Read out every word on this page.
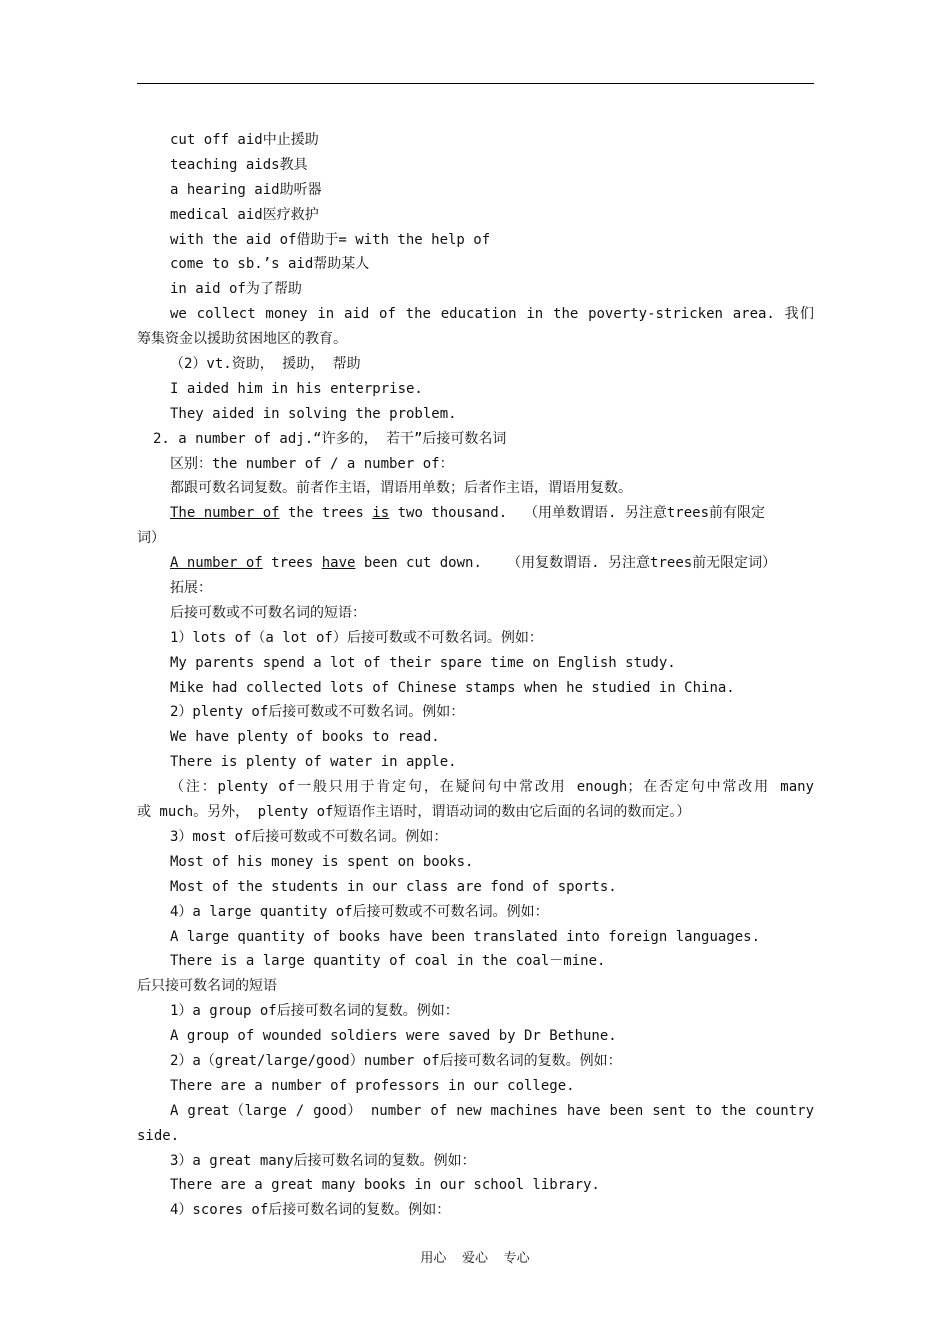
cut off aid中止援助
teaching aids教具
a hearing aid助听器
medical aid医疗救护
with the aid of借助于= with the help of
come to sb.’s aid帮助某人
in aid of为了帮助
we collect money in aid of the education in the poverty-stricken area. 我们
筹集资金以援助贫困地区的教育。
（2）vt.资助， 援助， 帮助
I aided him in his enterprise.
They aided in solving the problem.
2. a number of adj.“许多的， 若干”后接可数名词
区别：the number of / a number of：
都跟可数名词复数。前者作主语，谓语用单数；后者作主语，谓语用复数。
The number of the trees is two thousand.  （用单数谓语. 另注意trees前有限定
词）
A number of trees have been cut down.   （用复数谓语. 另注意trees前无限定词）
拓展：
后接可数或不可数名词的短语：
1）lots of（a lot of）后接可数或不可数名词。例如：
My parents spend a lot of their spare time on English study.
Mike had collected lots of Chinese stamps when he studied in China.
2）plenty of后接可数或不可数名词。例如：
We have plenty of books to read.
There is plenty of water in apple.
（注：plenty of一般只用于肯定句，在疑问句中常改用 enough；在否定句中常改用 many
或 much。另外， plenty of短语作主语时，谓语动词的数由它后面的名词的数而定。）
3）most of后接可数或不可数名词。例如：
Most of his money is spent on books.
Most of the students in our class are fond of sports.
4）a large quantity of后接可数或不可数名词。例如：
A large quantity of books have been translated into foreign languages.
There is a large quantity of coal in the coal－mine.
后只接可数名词的短语
1）a group of后接可数名词的复数。例如：
A group of wounded soldiers were saved by Dr Bethune.
2）a（great/large/good）number of后接可数名词的复数。例如：
There are a number of professors in our college.
A great（large / good） number of new machines have been sent to the country
side.
3）a great many后接可数名词的复数。例如：
There are a great many books in our school library.
4）scores of后接可数名词的复数。例如：
用心  爱心  专心
